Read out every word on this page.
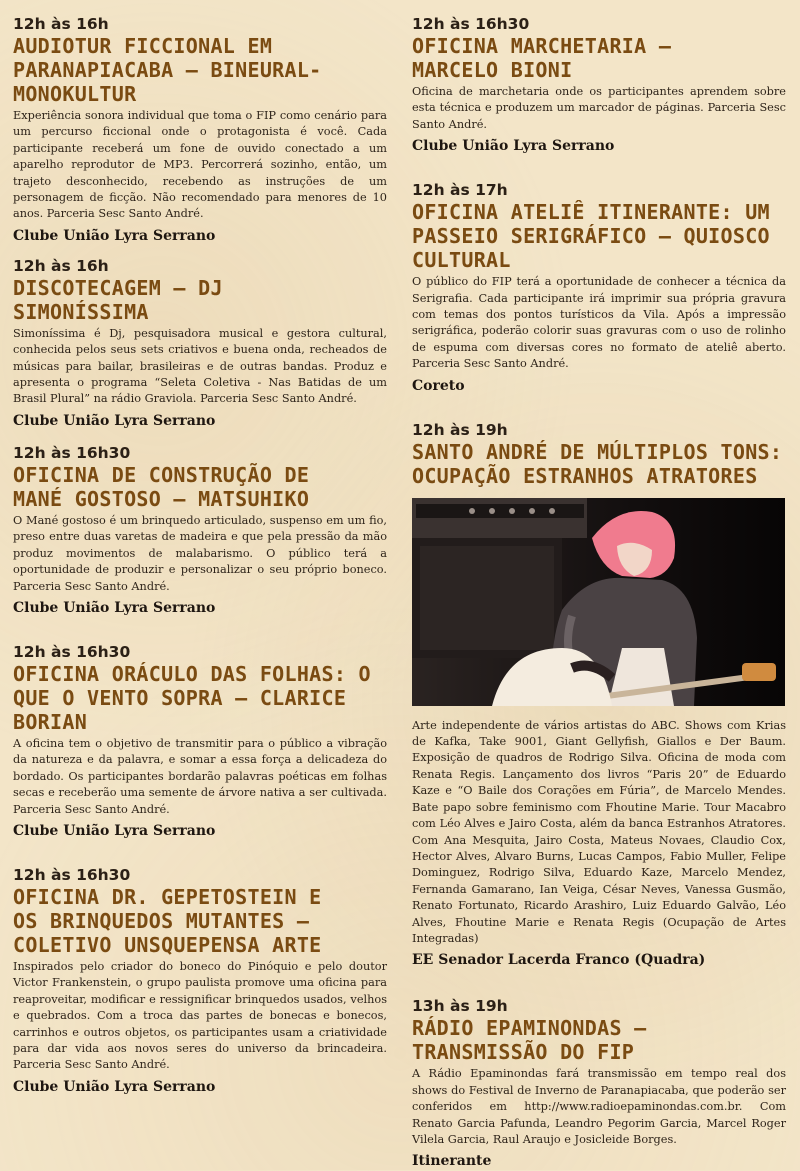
12h às 16h

AUDIOTUR FICCIONAL EM PARANAPIACABA – BINEURAL-MONOKULTUR

Experiência sonora individual que toma o FIP como cenário para um percurso ficcional onde o protagonista é você. Cada participante receberá um fone de ouvido conectado a um aparelho reprodutor de MP3. Percorrerá sozinho, então, um trajeto desconhecido, recebendo as instruções de um personagem de ficção. Não recomendado para menores de 10 anos. Parceria Sesc Santo André.

Clube União Lyra Serrano

12h às 16h

DISCOTECAGEM – DJ SIMONÍSSIMA

Simoníssima é Dj, pesquisadora musical e gestora cultural, conhecida pelos seus sets criativos e buena onda, recheados de músicas para bailar, brasileiras e de outras bandas. Produz e apresenta o programa “Seleta Coletiva - Nas Batidas de um Brasil Plural” na rádio Graviola. Parceria Sesc Santo André.

Clube União Lyra Serrano

12h às 16h30

OFICINA DE CONSTRUÇÃO DE MANÉ GOSTOSO – MATSUHIKO

O Mané gostoso é um brinquedo articulado, suspenso em um fio, preso entre duas varetas de madeira e que pela pressão da mão produz movimentos de malabarismo. O público terá a oportunidade de produzir e personalizar o seu próprio boneco. Parceria Sesc Santo André.

Clube União Lyra Serrano

12h às 16h30

OFICINA ORÁCULO DAS FOLHAS: O QUE O VENTO SOPRA – CLARICE BORIAN

A oficina tem o objetivo de transmitir para o público a vibração da natureza e da palavra, e somar a essa força a delicadeza do bordado. Os participantes bordarão palavras poéticas em folhas secas e receberão uma semente de árvore nativa a ser cultivada. Parceria Sesc Santo André.

Clube União Lyra Serrano

12h às 16h30

OFICINA DR. GEPETOSTEIN E OS BRINQUEDOS MUTANTES – COLETIVO UNSQUEPENSA ARTE

Inspirados pelo criador do boneco do Pinóquio e pelo doutor Victor Frankenstein, o grupo paulista promove uma oficina para reaproveitar, modificar e ressignificar brinquedos usados, velhos e quebrados. Com a troca das partes de bonecas e bonecos, carrinhos e outros objetos, os participantes usam a criatividade para dar vida aos novos seres do universo da brincadeira. Parceria Sesc Santo André.

Clube União Lyra Serrano

12h às 16h30

OFICINA MARCHETARIA – MARCELO BIONI

Oficina de marchetaria onde os participantes aprendem sobre esta técnica e produzem um marcador de páginas. Parceria Sesc Santo André.

Clube União Lyra Serrano

12h às 17h

OFICINA ATELIÊ ITINERANTE: UM PASSEIO SERIGRÁFICO – QUIOSCO CULTURAL

O público do FIP terá a oportunidade de conhecer a técnica da Serigrafia. Cada participante irá imprimir sua própria gravura com temas dos pontos turísticos da Vila. Após a impressão serigráfica, poderão colorir suas gravuras com o uso de rolinho de espuma com diversas cores no formato de ateliê aberto. Parceria Sesc Santo André.

Coreto

12h às 19h

SANTO ANDRÉ DE MÚLTIPLOS TONS: OCUPAÇÃO ESTRANHOS ATRATORES

Arte independente de vários artistas do ABC. Shows com Krias de Kafka, Take 9001, Giant Gellyfish, Giallos e Der Baum. Exposição de quadros de Rodrigo Silva. Oficina de moda com Renata Regis. Lançamento dos livros “Paris 20” de Eduardo Kaze e “O Baile dos Corações em Fúria”, de Marcelo Mendes. Bate papo sobre feminismo com Fhoutine Marie. Tour Macabro com Léo Alves e Jairo Costa, além da banca Estranhos Atratores. Com Ana Mesquita, Jairo Costa, Mateus Novaes, Claudio Cox, Hector Alves, Alvaro Burns, Lucas Campos, Fabio Muller, Felipe Dominguez, Rodrigo Silva, Eduardo Kaze, Marcelo Mendez, Fernanda Gamarano, Ian Veiga, César Neves, Vanessa Gusmão, Renato Fortunato, Ricardo Arashiro, Luiz Eduardo Galvão, Léo Alves, Fhoutine Marie e Renata Regis (Ocupação de Artes Integradas)

EE Senador Lacerda Franco (Quadra)

13h às 19h

RÁDIO EPAMINONDAS – TRANSMISSÃO DO FIP

A Rádio Epaminondas fará transmissão em tempo real dos shows do Festival de Inverno de Paranapiacaba, que poderão ser conferidos em http://www.radioepaminondas.com.br. Com Renato Garcia Pafunda, Leandro Pegorim Garcia, Marcel Roger Vilela Garcia, Raul Araujo e Josicleide Borges.

Itinerante
